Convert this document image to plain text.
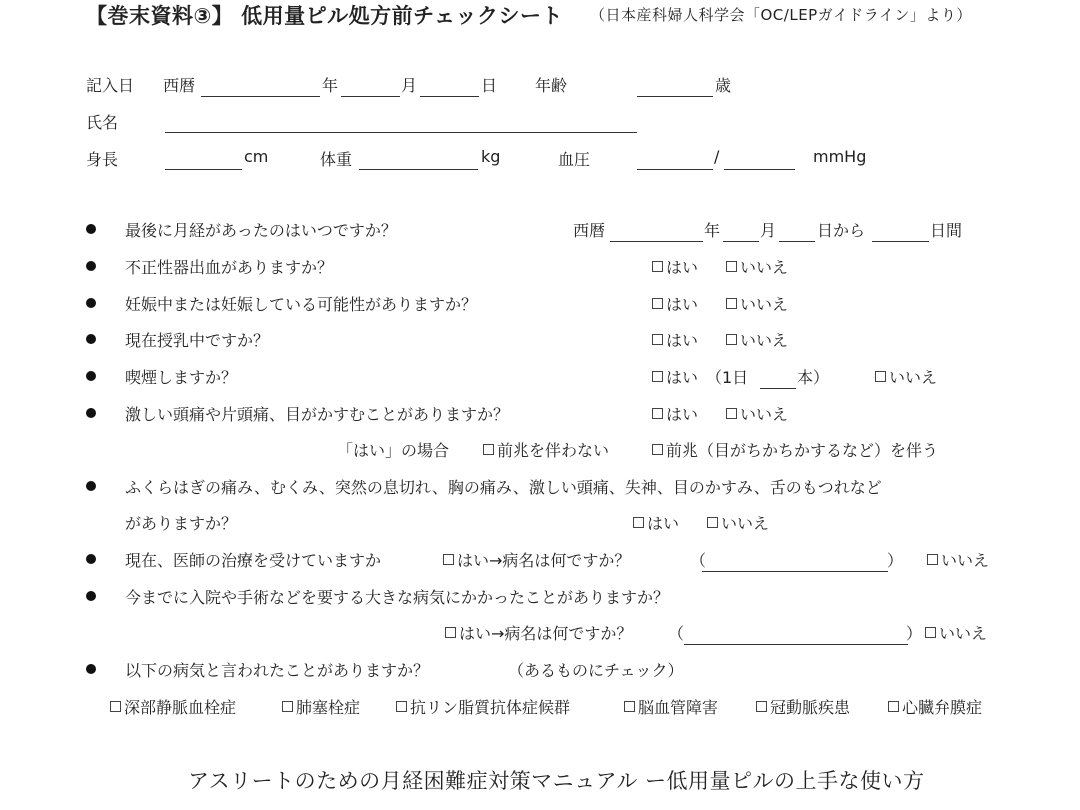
【巻末資料③】 低用量ピル処方前チェックシート （日本産科婦人科学会「OC/LEPガイドライン」より）
記入日 西暦	年	月	日 年齢	歳
氏名
身長	cm	体重	kg	血圧	/	mmHg
最後に月経があったのはいつですか？	西暦	年 月	日から	日間
不正性器出血がありますか？	はい	いいえ
妊娠中または妊娠している可能性がありますか？	はい	いいえ
現在授乳中ですか？	はい	いいえ
喫煙しますか？	はい （1日	本）	いいえ
激しい頭痛や片頭痛、目がかすむことがありますか？	はい	いいえ
「はい」の場合	前兆を伴わない	前兆（目がちかちかするなど）を伴う
ふくらはぎの痛み、むくみ、突然の息切れ、胸の痛み、激しい頭痛、失神、目のかすみ、舌のもつれなど
がありますか？	はい	いいえ
現在、医師の治療を受けていますか	はい→病名は何ですか？	（	）	いいえ
今までに入院や手術などを要する大きな病気にかかったことがありますか？
はい→病名は何ですか？ （	）	いいえ
以下の病気と言われたことがありますか？	（あるものにチェック）
深部静脈血栓症	肺塞栓症	抗リン脂質抗体症候群	脳血管障害	冠動脈疾患	心臓弁膜症
アスリートのための月経困難症対策マニュアル ー低用量ピルの上手な使い方
